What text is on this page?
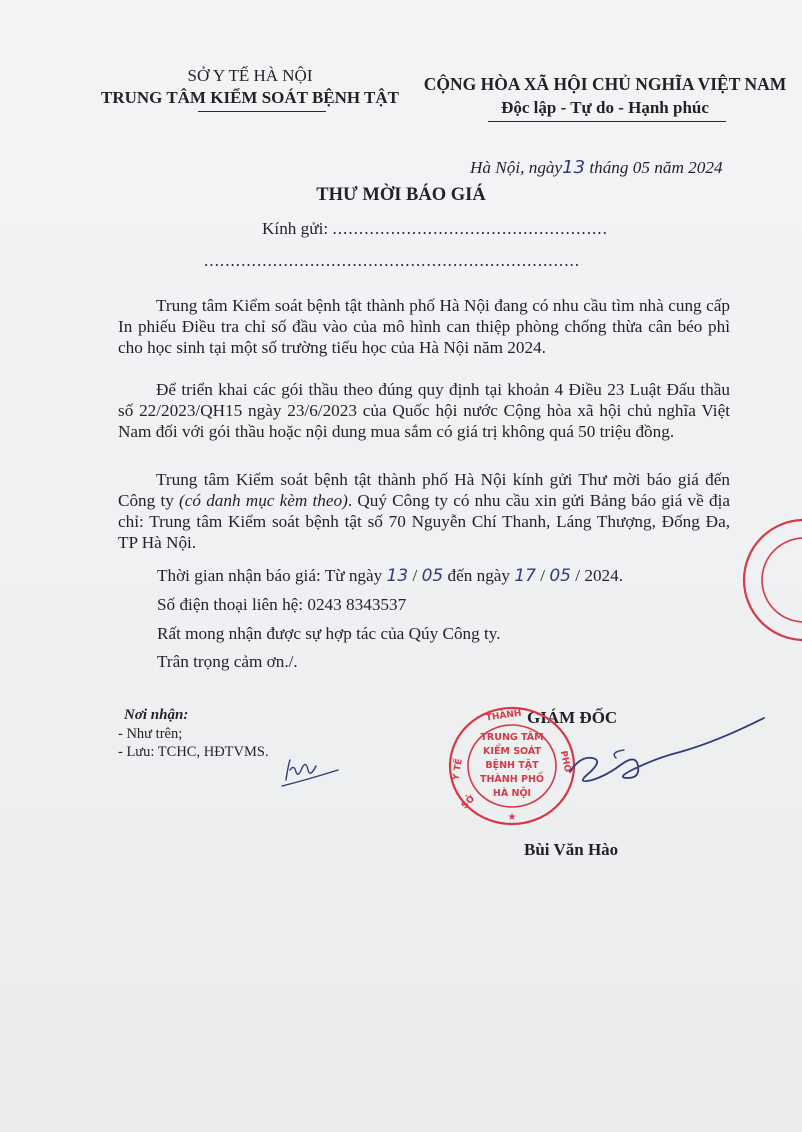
SỞ Y TẾ HÀ NỘI
TRUNG TÂM KIỂM SOÁT BỆNH TẬT
CỘNG HÒA XÃ HỘI CHỦ NGHĨA VIỆT NAM
Độc lập - Tự do - Hạnh phúc
Hà Nội, ngày13 tháng 05 năm 2024
THƯ MỜI BÁO GIÁ
Kính gửi: ....................................................
.......................................................................

Trung tâm Kiểm soát bệnh tật thành phố Hà Nội đang có nhu cầu tìm nhà cung cấp In phiếu Điều tra chỉ số đầu vào của mô hình can thiệp phòng chống thừa cân béo phì cho học sinh tại một số trường tiểu học của Hà Nội năm 2024.

Để triển khai các gói thầu theo đúng quy định tại khoản 4 Điều 23 Luật Đấu thầu số 22/2023/QH15 ngày 23/6/2023 của Quốc hội nước Cộng hòa xã hội chủ nghĩa Việt Nam đối với gói thầu hoặc nội dung mua sắm có giá trị không quá 50 triệu đồng.

Trung tâm Kiểm soát bệnh tật thành phố Hà Nội kính gửi Thư mời báo giá đến Công ty (có danh mục kèm theo). Quý Công ty có nhu cầu xin gửi Bảng báo giá về địa chỉ: Trung tâm Kiểm soát bệnh tật số 70 Nguyễn Chí Thanh, Láng Thượng, Đống Đa, TP Hà Nội.

Thời gian nhận báo giá: Từ ngày 13 / 05 đến ngày 17 / 05 / 2024.
Số điện thoại liên hệ: 0243 8343537
Rất mong nhận được sự hợp tác của Qúy Công ty.
Trân trọng cảm ơn./.
Nơi nhận:
- Như trên;
- Lưu: TCHC, HĐTVMS.
GIÁM ĐỐC
TRUNG TÂM
KIỂM SOÁT
BỆNH TẬT
THÀNH PHỐ
HÀ NỘI
Y TẾ
THÀNH
PHỐ
SỞ
★
Bùi Văn Hào
